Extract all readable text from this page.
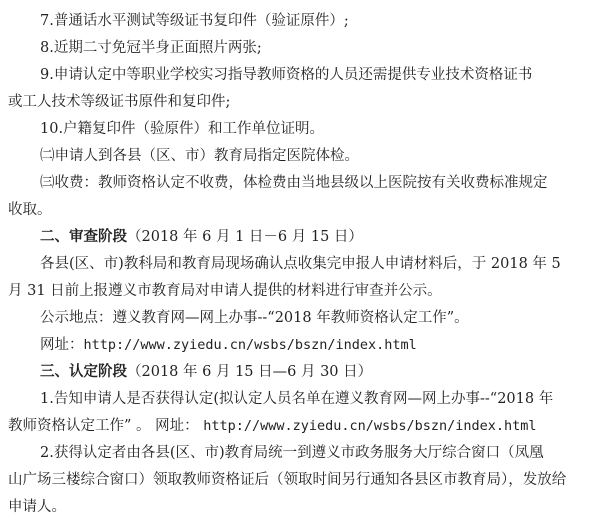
7.普通话水平测试等级证书复印件（验证原件）;
8.近期二寸免冠半身正面照片两张;
9.申请认定中等职业学校实习指导教师资格的人员还需提供专业技术资格证书
或工人技术等级证书原件和复印件;
10.户籍复印件（验原件）和工作单位证明。
㈡申请人到各县（区、市）教育局指定医院体检。
㈢收费：教师资格认定不收费，体检费由当地县级以上医院按有关收费标准规定
收取。
二、审查阶段（2018 年 6 月 1 日－6 月 15 日）
各县(区、市)教科局和教育局现场确认点收集完申报人申请材料后，于 2018 年 5
月 31 日前上报遵义市教育局对申请人提供的材料进行审查并公示。
公示地点：遵义教育网—网上办事--“2018 年教师资格认定工作”。
网址：http://www.zyiedu.cn/wsbs/bszn/index.html
三、认定阶段（2018 年 6 月 15 日—6 月 30 日）
1.告知申请人是否获得认定(拟认定人员名单在遵义教育网—网上办事--“2018 年
教师资格认定工作” 。 网址： http://www.zyiedu.cn/wsbs/bszn/index.html
2.获得认定者由各县(区、市)教育局统一到遵义市政务服务大厅综合窗口（凤凰
山广场三楼综合窗口）领取教师资格证后（领取时间另行通知各县区市教育局），发放给
申请人。
